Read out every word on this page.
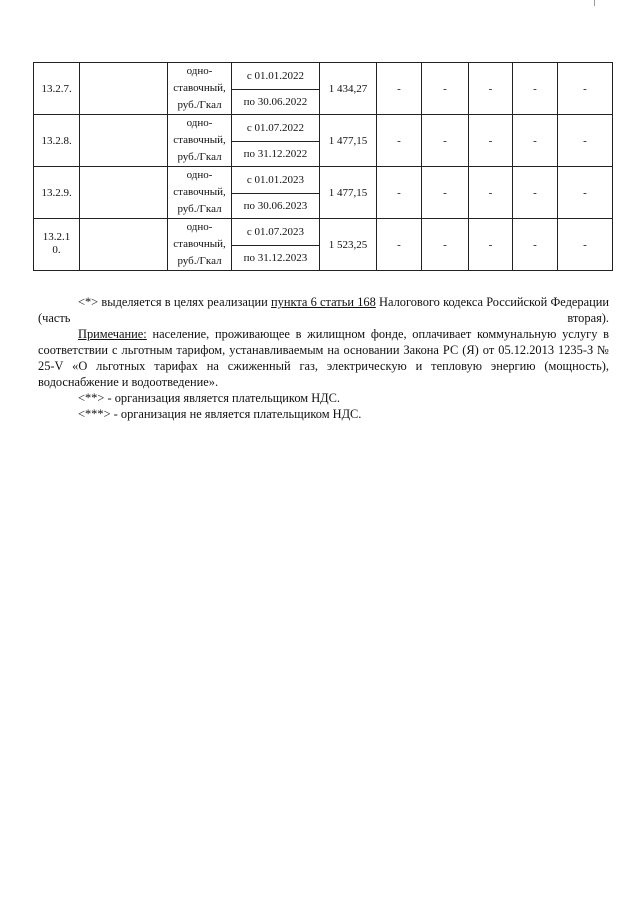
13.2.7.		одно-
ставочный,
руб./Гкал	с 01.01.2022
по 30.06.2022	1 434,27	-	-	-	-	-
13.2.8.		одно-
ставочный,
руб./Гкал	с 01.07.2022
по 31.12.2022	1 477,15	-	-	-	-	-
13.2.9.		одно-
ставочный,
руб./Гкал	с 01.01.2023
по 30.06.2023	1 477,15	-	-	-	-	-
13.2.1 0.		одно-
ставочный,
руб./Гкал	с 01.07.2023
по 31.12.2023	1 523,25	-	-	-	-	-

<*> выделяется в целях реализации пункта 6 статьи 168 Налогового кодекса Российской Федерации (часть вторая).

Примечание: население, проживающее в жилищном фонде, оплачивает коммунальную услугу в соответствии с льготным тарифом, устанавливаемым на основании Закона РС (Я) от 05.12.2013 1235-З № 25-V «О льготных тарифах на сжиженный газ, электрическую и тепловую энергию (мощность), водоснабжение и водоотведение».

<**> - организация является плательщиком НДС.

<***> - организация не является плательщиком НДС.
